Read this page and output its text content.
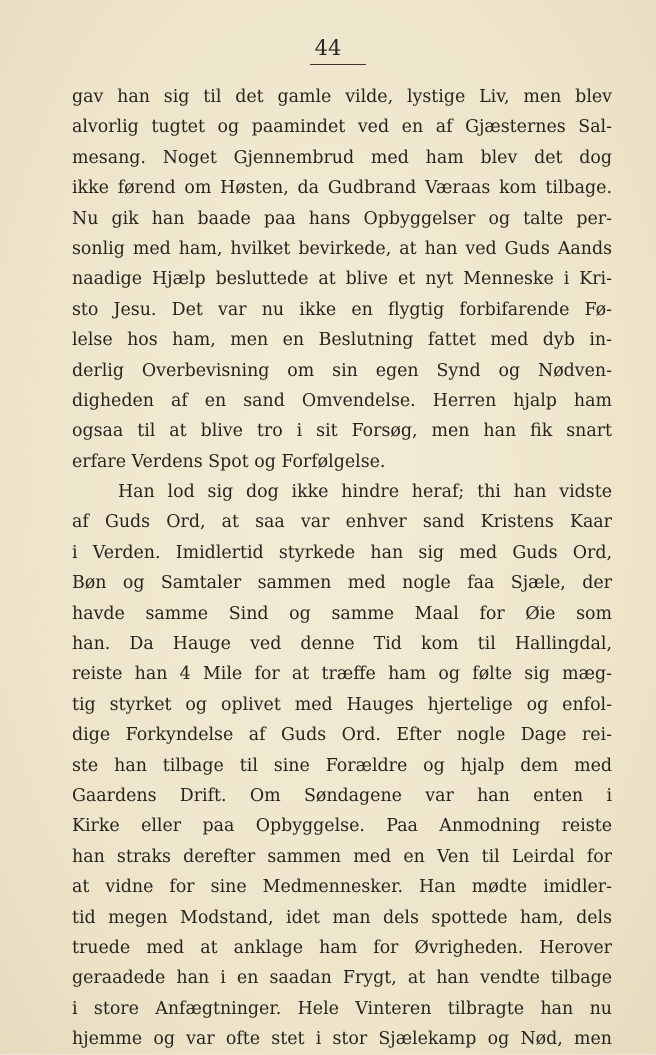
44
gav han sig til det gamle vilde, lystige Liv, men blev
alvorlig tugtet og paamindet ved en af Gjæsternes Sal-
mesang. Noget Gjennembrud med ham blev det dog
ikke førend om Høsten, da Gudbrand Væraas kom tilbage.
Nu gik han baade paa hans Opbyggelser og talte per-
sonlig med ham, hvilket bevirkede, at han ved Guds Aands
naadige Hjælp besluttede at blive et nyt Menneske i Kri-
sto Jesu. Det var nu ikke en flygtig forbifarende Fø-
lelse hos ham, men en Beslutning fattet med dyb in-
derlig Overbevisning om sin egen Synd og Nødven-
digheden af en sand Omvendelse. Herren hjalp ham
ogsaa til at blive tro i sit Forsøg, men han fik snart
erfare Verdens Spot og Forfølgelse.
Han lod sig dog ikke hindre heraf; thi han vidste
af Guds Ord, at saa var enhver sand Kristens Kaar
i Verden. Imidlertid styrkede han sig med Guds Ord,
Bøn og Samtaler sammen med nogle faa Sjæle, der
havde samme Sind og samme Maal for Øie som
han. Da Hauge ved denne Tid kom til Hallingdal,
reiste han 4 Mile for at træffe ham og følte sig mæg-
tig styrket og oplivet med Hauges hjertelige og enfol-
dige Forkyndelse af Guds Ord. Efter nogle Dage rei-
ste han tilbage til sine Forældre og hjalp dem med
Gaardens Drift. Om Søndagene var han enten i
Kirke eller paa Opbyggelse. Paa Anmodning reiste
han straks derefter sammen med en Ven til Leirdal for
at vidne for sine Medmennesker. Han mødte imidler-
tid megen Modstand, idet man dels spottede ham, dels
truede med at anklage ham for Øvrigheden. Herover
geraadede han i en saadan Frygt, at han vendte tilbage
i store Anfægtninger. Hele Vinteren tilbragte han nu
hjemme og var ofte stet i stor Sjælekamp og Nød, men
